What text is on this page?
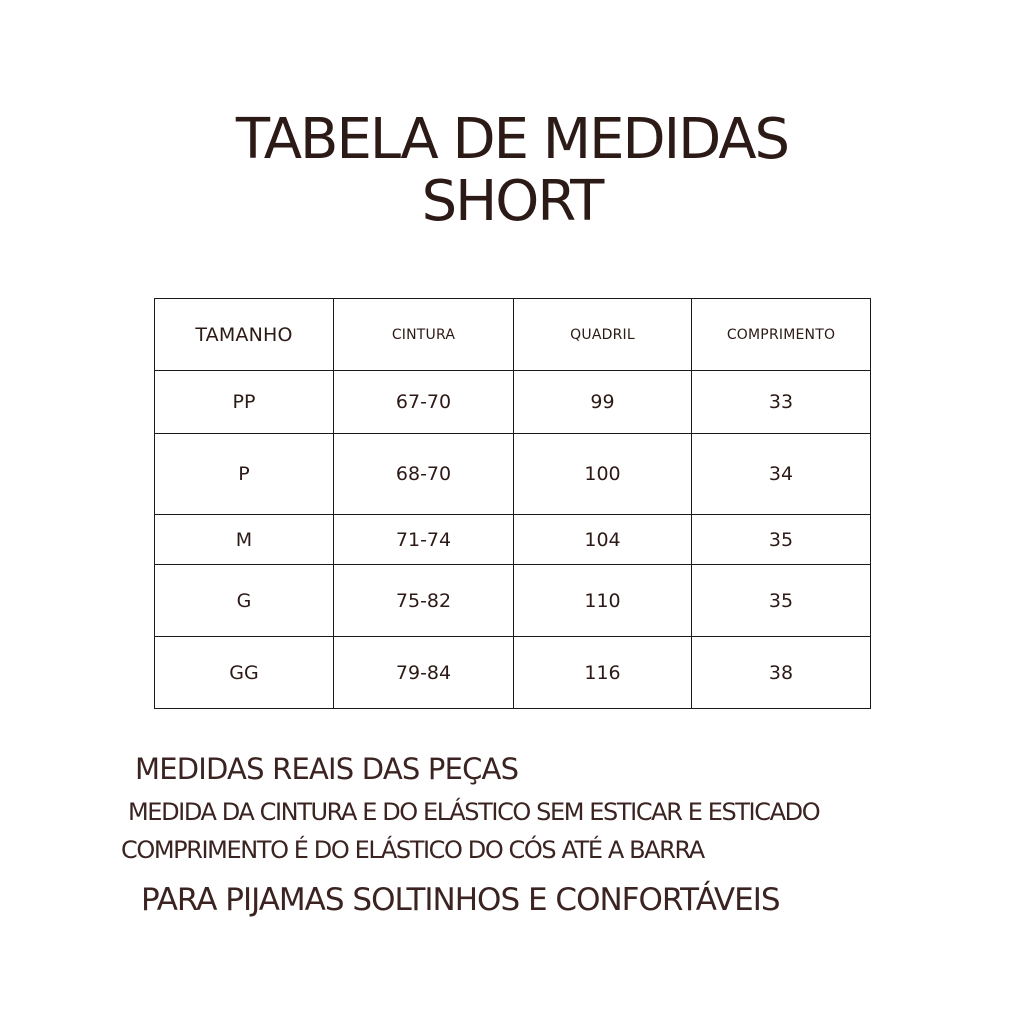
TABELA DE MEDIDAS
SHORT
TAMANHO	CINTURA	QUADRIL	COMPRIMENTO
PP	67-70	99	33
P	68-70	100	34
M	71-74	104	35
G	75-82	110	35
GG	79-84	116	38

MEDIDAS REAIS DAS PEÇAS

MEDIDA DA CINTURA E DO ELÁSTICO SEM ESTICAR E ESTICADO

COMPRIMENTO É DO ELÁSTICO DO CÓS ATÉ A BARRA

PARA PIJAMAS SOLTINHOS E CONFORTÁVEIS
